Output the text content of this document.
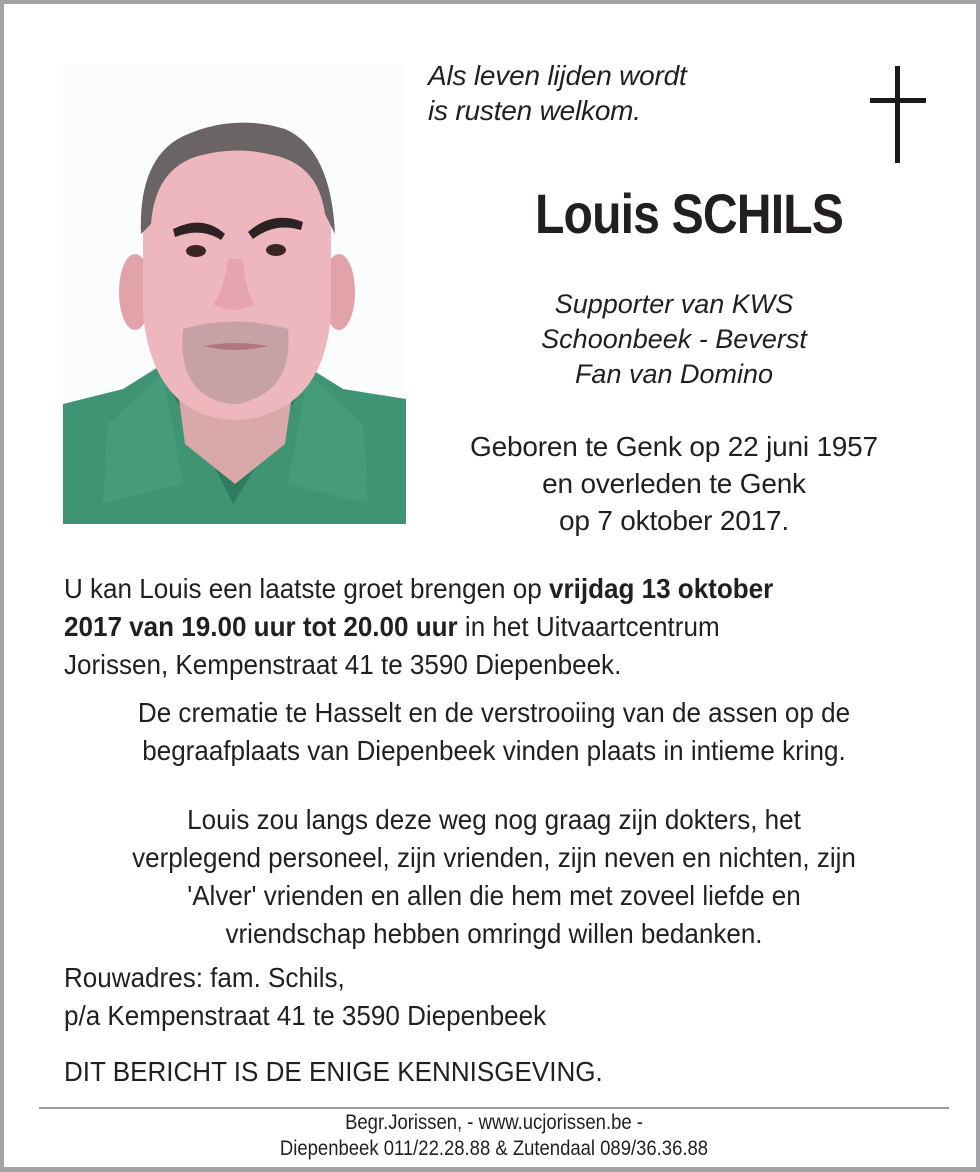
Als leven lijden wordt
is rusten welkom.
Louis SCHILS
Supporter van KWS
Schoonbeek - Beverst
Fan van Domino
Geboren te Genk op 22 juni 1957
en overleden te Genk
op 7 oktober 2017.
U kan Louis een laatste groet brengen op vrijdag 13 oktober
2017 van 19.00 uur tot 20.00 uur in het Uitvaartcentrum
Jorissen, Kempenstraat 41 te 3590 Diepenbeek.
De crematie te Hasselt en de verstrooiing van de assen op de
begraafplaats van Diepenbeek vinden plaats in intieme kring.
Louis zou langs deze weg nog graag zijn dokters, het
verplegend personeel, zijn vrienden, zijn neven en nichten, zijn
'Alver' vrienden en allen die hem met zoveel liefde en
vriendschap hebben omringd willen bedanken.
Rouwadres: fam. Schils,
p/a Kempenstraat 41 te 3590 Diepenbeek
DIT BERICHT IS DE ENIGE KENNISGEVING.
Begr.Jorissen, - www.ucjorissen.be -
Diepenbeek 011/22.28.88 & Zutendaal 089/36.36.88
